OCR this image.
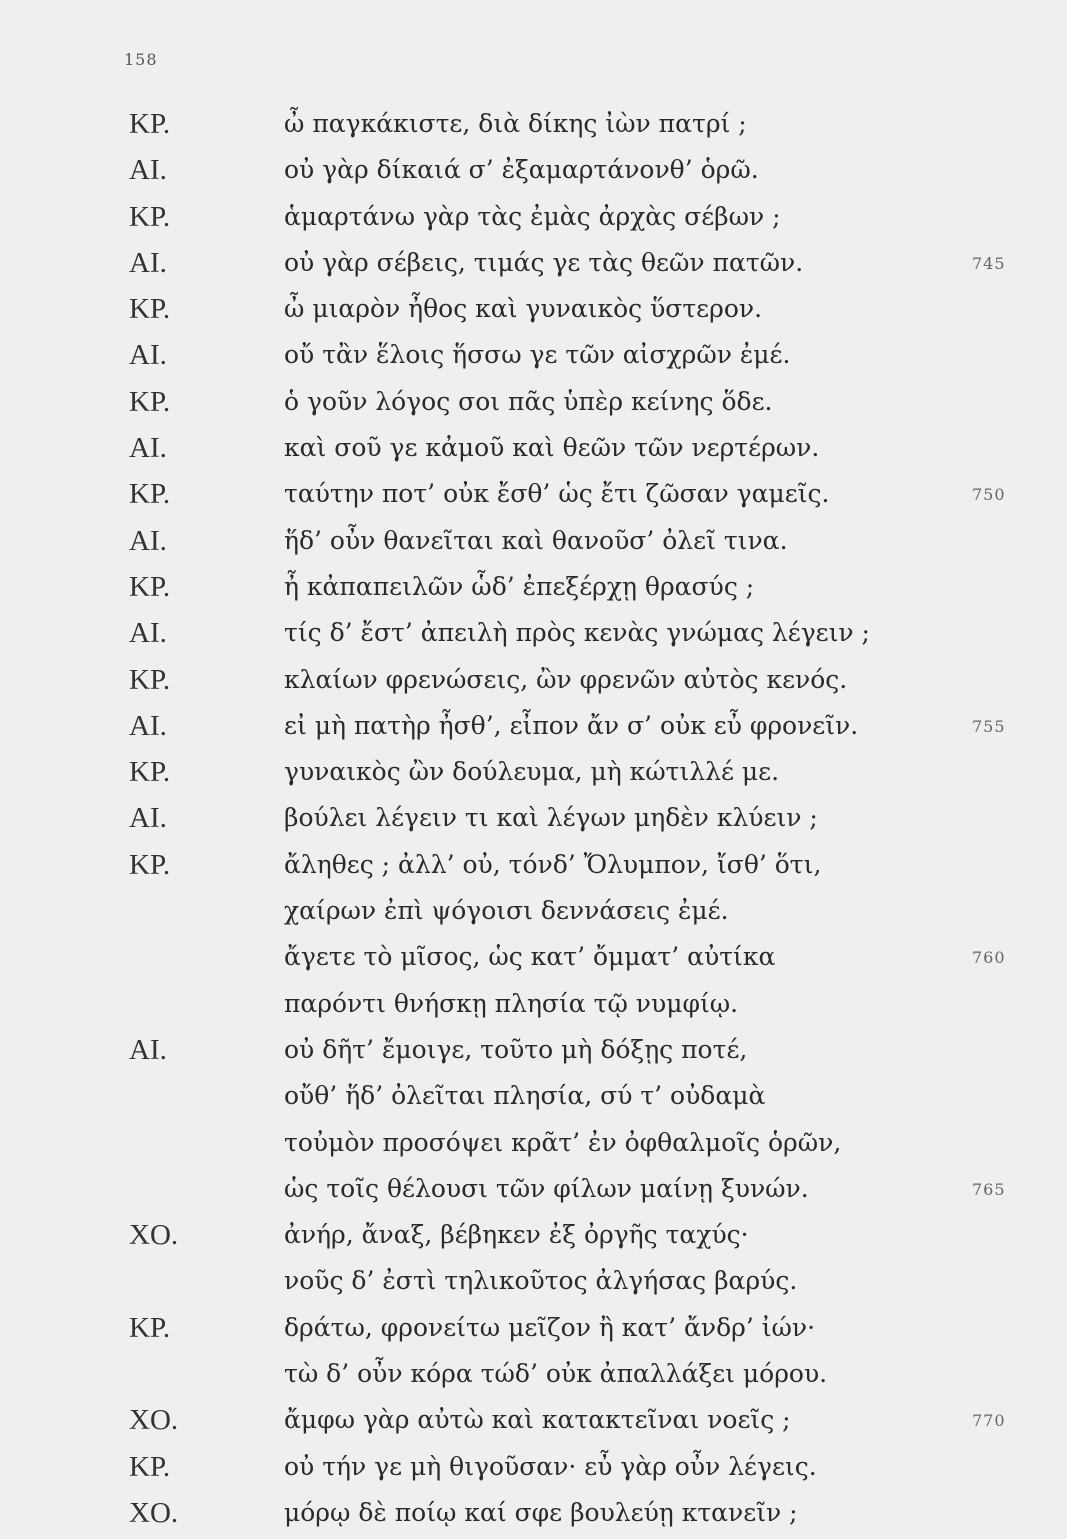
158
ΚΡ.	ὦ παγκάκιστε, διὰ δίκης ἰὼν πατρί ;
ΑΙ.	οὐ γὰρ δίκαιά σ’ ἐξαμαρτάνονθ’ ὁρῶ.
ΚΡ.	ἁμαρτάνω γὰρ τὰς ἐμὰς ἀρχὰς σέβων ;
ΑΙ.	οὐ γὰρ σέβεις, τιμάς γε τὰς θεῶν πατῶν.	745
ΚΡ.	ὦ μιαρὸν ἦθος καὶ γυναικὸς ὕστερον.
ΑΙ.	οὔ τἂν ἕλοις ἥσσω γε τῶν αἰσχρῶν ἐμέ.
ΚΡ.	ὁ γοῦν λόγος σοι πᾶς ὑπὲρ κείνης ὅδε.
ΑΙ.	καὶ σοῦ γε κἀμοῦ καὶ θεῶν τῶν νερτέρων.
ΚΡ.	ταύτην ποτ’ οὐκ ἔσθ’ ὡς ἔτι ζῶσαν γαμεῖς.	750
ΑΙ.	ἥδ’ οὖν θανεῖται καὶ θανοῦσ’ ὀλεῖ τινα.
ΚΡ.	ἦ κἀπαπειλῶν ὧδ’ ἐπεξέρχῃ θρασύς ;
ΑΙ.	τίς δ’ ἔστ’ ἀπειλὴ πρὸς κενὰς γνώμας λέγειν ;
ΚΡ.	κλαίων φρενώσεις, ὢν φρενῶν αὐτὸς κενός.
ΑΙ.	εἰ μὴ πατὴρ ἦσθ’, εἶπον ἄν σ’ οὐκ εὖ φρονεῖν.	755
ΚΡ.	γυναικὸς ὢν δούλευμα, μὴ κώτιλλέ με.
ΑΙ.	βούλει λέγειν τι καὶ λέγων μηδὲν κλύειν ;
ΚΡ.	ἄληθες ; ἀλλ’ οὐ, τόνδ’ Ὄλυμπον, ἴσθ’ ὅτι,
χαίρων ἐπὶ ψόγοισι δεννάσεις ἐμέ.
ἄγετε τὸ μῖσος, ὡς κατ’ ὄμματ’ αὐτίκα	760
παρόντι θνήσκῃ πλησία τῷ νυμφίῳ.
ΑΙ.	οὐ δῆτ’ ἔμοιγε, τοῦτο μὴ δόξῃς ποτέ,
οὔθ’ ἥδ’ ὀλεῖται πλησία, σύ τ’ οὐδαμὰ
τοὐμὸν προσόψει κρᾶτ’ ἐν ὀφθαλμοῖς ὁρῶν,
ὡς τοῖς θέλουσι τῶν φίλων μαίνῃ ξυνών.	765
ΧΟ.	ἀνήρ, ἄναξ, βέβηκεν ἐξ ὀργῆς ταχύς·
νοῦς δ’ ἐστὶ τηλικοῦτος ἀλγήσας βαρύς.
ΚΡ.	δράτω, φρονείτω μεῖζον ἢ κατ’ ἄνδρ’ ἰών·
τὼ δ’ οὖν κόρα τώδ’ οὐκ ἀπαλλάξει μόρου.
ΧΟ.	ἄμφω γὰρ αὐτὼ καὶ κατακτεῖναι νοεῖς ;	770
ΚΡ.	οὐ τήν γε μὴ θιγοῦσαν· εὖ γὰρ οὖν λέγεις.
ΧΟ.	μόρῳ δὲ ποίῳ καί σφε βουλεύῃ κτανεῖν ;
